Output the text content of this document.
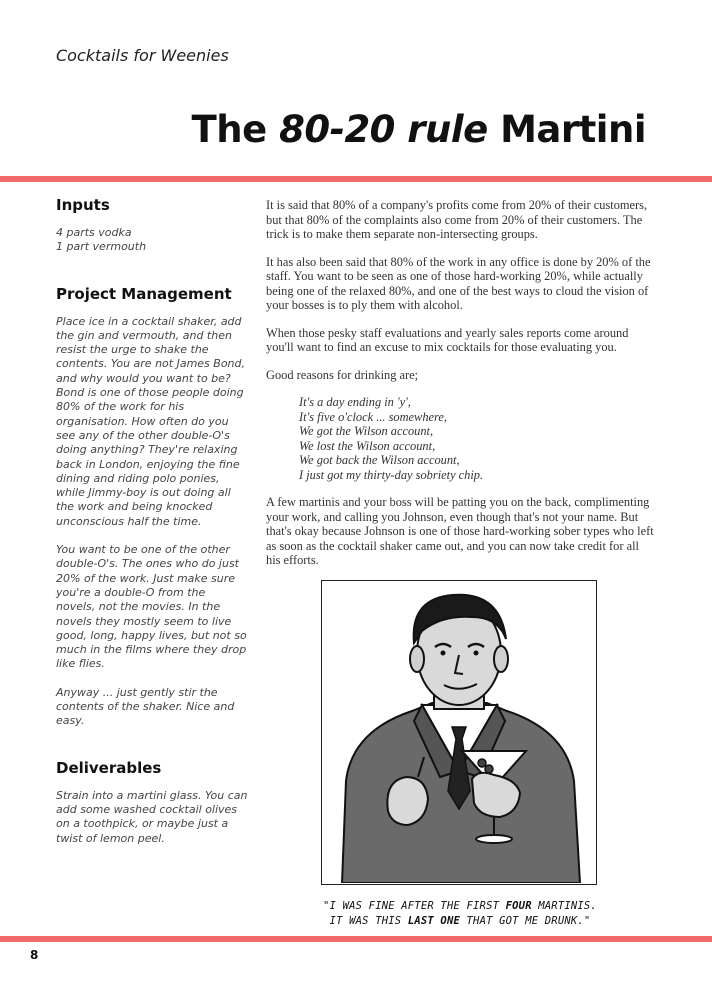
Cocktails for Weenies

The 80-20 rule Martini
Inputs

4 parts vodka
1 part vermouth

Project Management

Place ice in a cocktail shaker, add the gin and vermouth, and then resist the urge to shake the contents. You are not James Bond, and why would you want to be? Bond is one of those people doing 80% of the work for his organisation. How often do you see any of the other double-O's doing anything? They're relaxing back in London, enjoying the fine dining and riding polo ponies, while Jimmy-boy is out doing all the work and being knocked unconscious half the time.

You want to be one of the other double-O's. The ones who do just 20% of the work. Just make sure you're a double-O from the novels, not the movies. In the novels they mostly seem to live good, long, happy lives, but not so much in the films where they drop like flies.

Anyway ... just gently stir the contents of the shaker. Nice and easy.

Deliverables

Strain into a martini glass. You can add some washed cocktail olives on a toothpick, or maybe just a twist of lemon peel.

It is said that 80% of a company's profits come from 20% of their customers, but that 80% of the complaints also come from 20% of their customers. The trick is to make them separate non-intersecting groups.

It has also been said that 80% of the work in any office is done by 20% of the staff. You want to be seen as one of those hard-working 20%, while actually being one of the relaxed 80%, and one of the best ways to cloud the vision of your bosses is to ply them with alcohol.

When those pesky staff evaluations and yearly sales reports come around you'll want to find an excuse to mix cocktails for those evaluating you.

Good reasons for drinking are;

It's a day ending in 'y',
It's five o'clock ... somewhere,
We got the Wilson account,
We lost the Wilson account,
We got back the Wilson account,
I just got my thirty-day sobriety chip.

A few martinis and your boss will be patting you on the back, complimenting your work, and calling you Johnson, even though that's not your name. But that's okay because Johnson is one of those hard-working sober types who left as soon as the cocktail shaker came out, and you can now take credit for all his efforts.

"I WAS FINE AFTER THE FIRST FOUR MARTINIS.
IT WAS THIS LAST ONE THAT GOT ME DRUNK."
8
